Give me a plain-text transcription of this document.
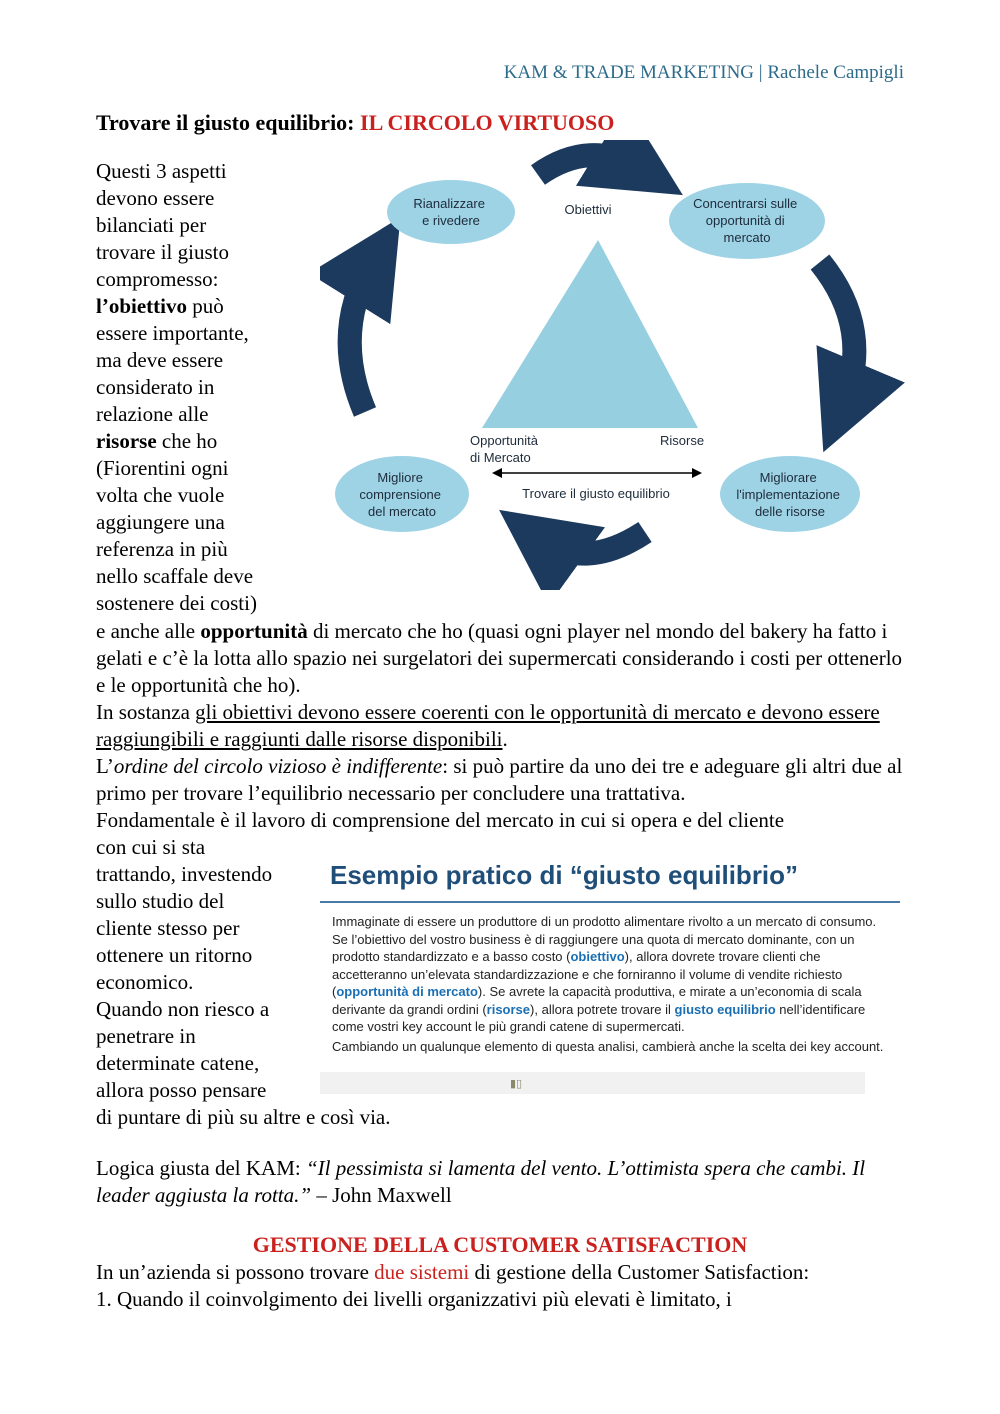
KAM & TRADE MARKETING | Rachele Campigli
Trovare il giusto equilibrio: IL CIRCOLO VIRTUOSO
Questi 3 aspetti
devono essere
bilanciati per
trovare il giusto
compromesso:
l’obiettivo può
essere importante,
ma deve essere
considerato in
relazione alle
risorse che ho
(Fiorentini ogni
volta che vuole
aggiungere una
referenza in più
nello scaffale deve
sostenere dei costi)
Rianalizzare e rivedere
Concentrarsi sulle opportunità di mercato
Migliore comprensione del mercato
Migliorare l'implementazione delle risorse
Obiettivi
Opportunità di Mercato
Risorse
Trovare il giusto equilibrio
e anche alle opportunità di mercato che ho (quasi ogni player nel mondo del bakery ha fatto i gelati e c’è la lotta allo spazio nei surgelatori dei supermercati considerando i costi per ottenerlo e le opportunità che ho).
In sostanza gli obiettivi devono essere coerenti con le opportunità di mercato e devono essere raggiungibili e raggiunti dalle risorse disponibili.
L’ordine del circolo vizioso è indifferente: si può partire da uno dei tre e adeguare gli altri due al primo per trovare l’equilibrio necessario per concludere una trattativa.
Fondamentale è il lavoro di comprensione del mercato in cui si opera e del cliente
con cui si sta
trattando, investendo
sullo studio del
cliente stesso per
ottenere un ritorno
economico.
Quando non riesco a
penetrare in
determinate catene,
allora posso pensare
di puntare di più su altre e così via.
Esempio pratico di “giusto equilibrio”

Immaginate di essere un produttore di un prodotto alimentare rivolto a un mercato di consumo. Se l’obiettivo del vostro business è di raggiungere una quota di mercato dominante, con un prodotto standardizzato e a basso costo (obiettivo), allora dovrete trovare clienti che accetteranno un’elevata standardizzazione e che forniranno il volume di vendite richiesto (opportunità di mercato). Se avrete la capacità produttiva, e mirate a un’economia di scala derivante da grandi ordini (risorse), allora potrete trovare il giusto equilibrio nell’identificare come vostri key account le più grandi catene di supermercati.

Cambiando un qualunque elemento di questa analisi, cambierà anche la scelta dei key account.

▮▯
Logica giusta del KAM: “Il pessimista si lamenta del vento. L’ottimista spera che cambi. Il leader aggiusta la rotta.” – John Maxwell
GESTIONE DELLA CUSTOMER SATISFACTION
In un’azienda si possono trovare due sistemi di gestione della Customer Satisfaction:
1. Quando il coinvolgimento dei livelli organizzativi più elevati è limitato, i
